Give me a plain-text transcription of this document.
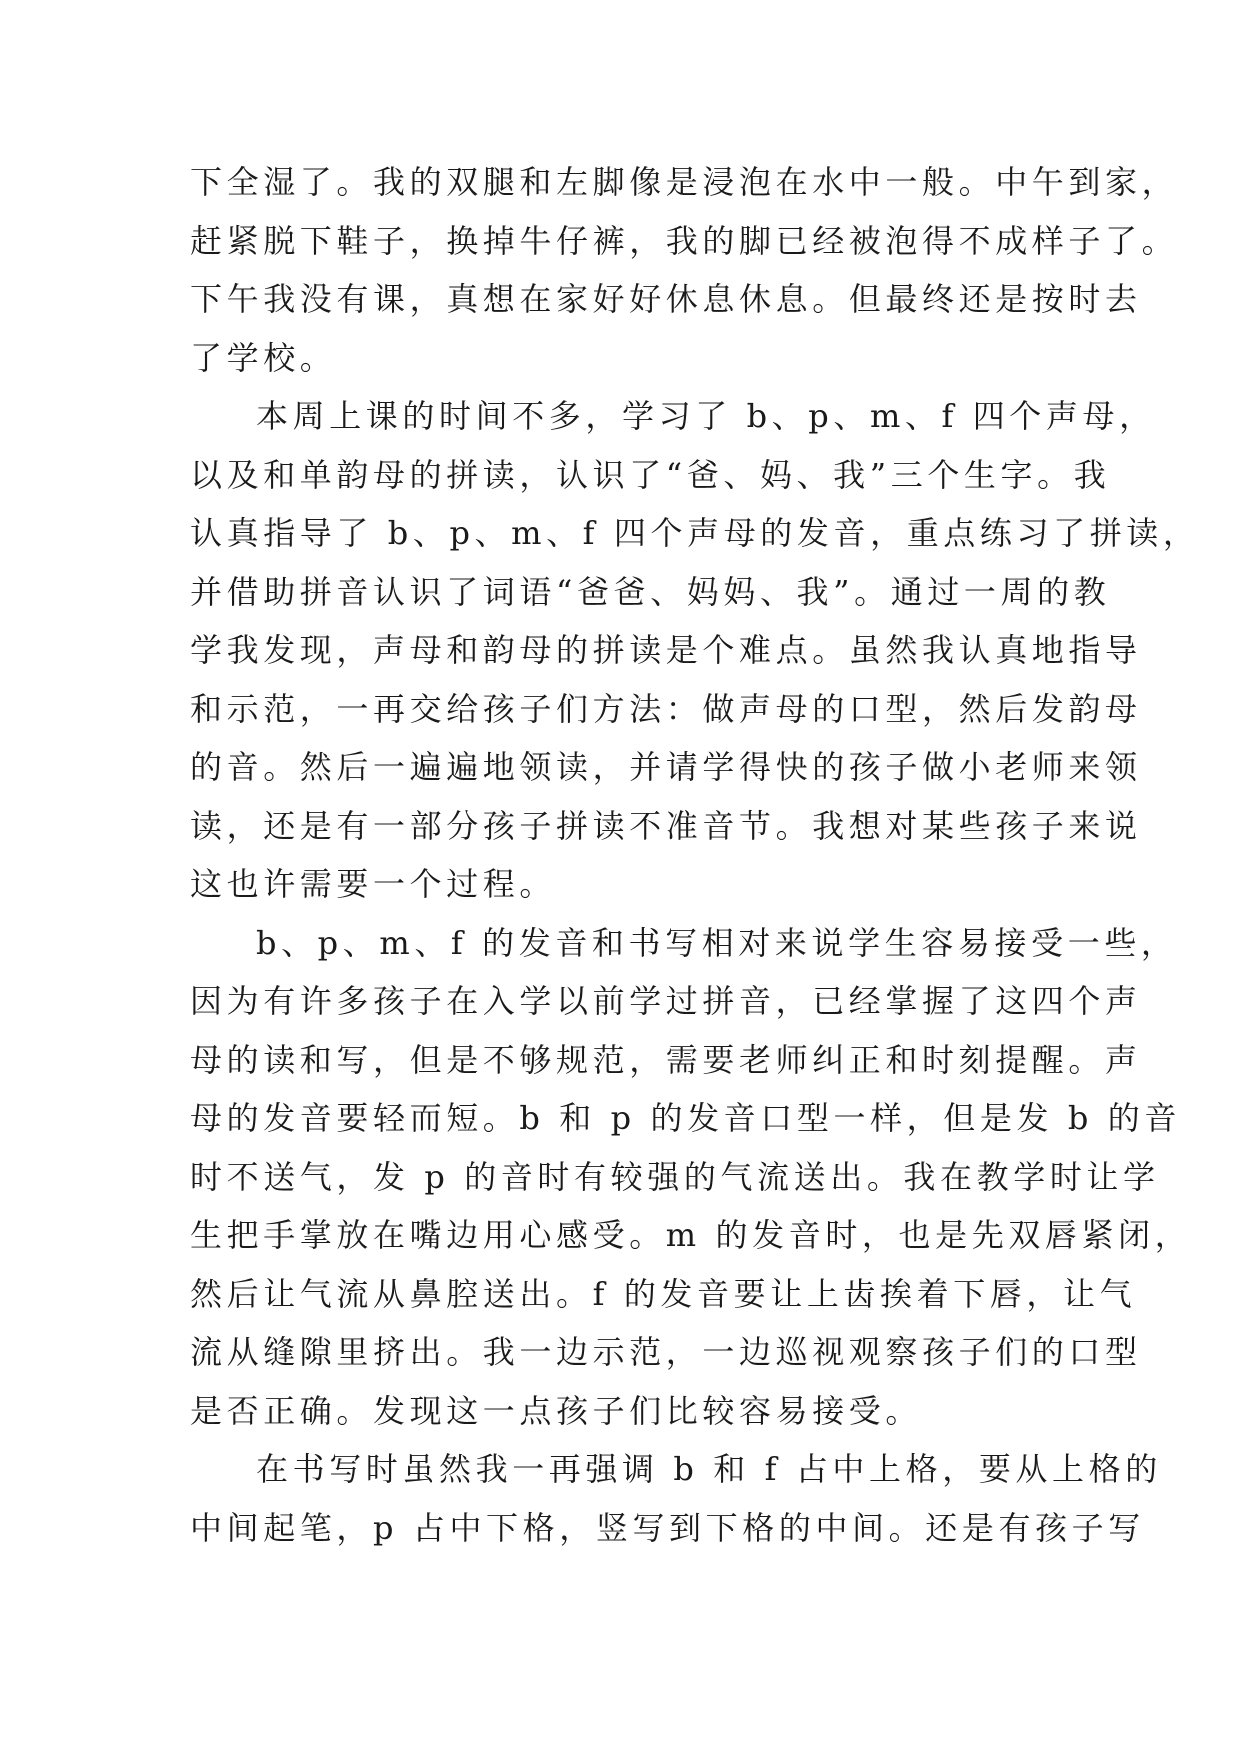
下全湿了。我的双腿和左脚像是浸泡在水中一般。中午到家，
赶紧脱下鞋子，换掉牛仔裤，我的脚已经被泡得不成样子了。
下午我没有课，真想在家好好休息休息。但最终还是按时去
了学校。
本周上课的时间不多，学习了 b、p、m、f 四个声母，
以及和单韵母的拼读，认识了“爸、妈、我”三个生字。我
认真指导了 b、p、m、f 四个声母的发音，重点练习了拼读，
并借助拼音认识了词语“爸爸、妈妈、我”。通过一周的教
学我发现，声母和韵母的拼读是个难点。虽然我认真地指导
和示范，一再交给孩子们方法：做声母的口型，然后发韵母
的音。然后一遍遍地领读，并请学得快的孩子做小老师来领
读，还是有一部分孩子拼读不准音节。我想对某些孩子来说
这也许需要一个过程。
b、p、m、f 的发音和书写相对来说学生容易接受一些，
因为有许多孩子在入学以前学过拼音，已经掌握了这四个声
母的读和写，但是不够规范，需要老师纠正和时刻提醒。声
母的发音要轻而短。b 和 p 的发音口型一样，但是发 b 的音
时不送气，发 p 的音时有较强的气流送出。我在教学时让学
生把手掌放在嘴边用心感受。m 的发音时，也是先双唇紧闭，
然后让气流从鼻腔送出。f 的发音要让上齿挨着下唇，让气
流从缝隙里挤出。我一边示范，一边巡视观察孩子们的口型
是否正确。发现这一点孩子们比较容易接受。
在书写时虽然我一再强调 b 和 f 占中上格，要从上格的
中间起笔，p 占中下格，竖写到下格的中间。还是有孩子写
